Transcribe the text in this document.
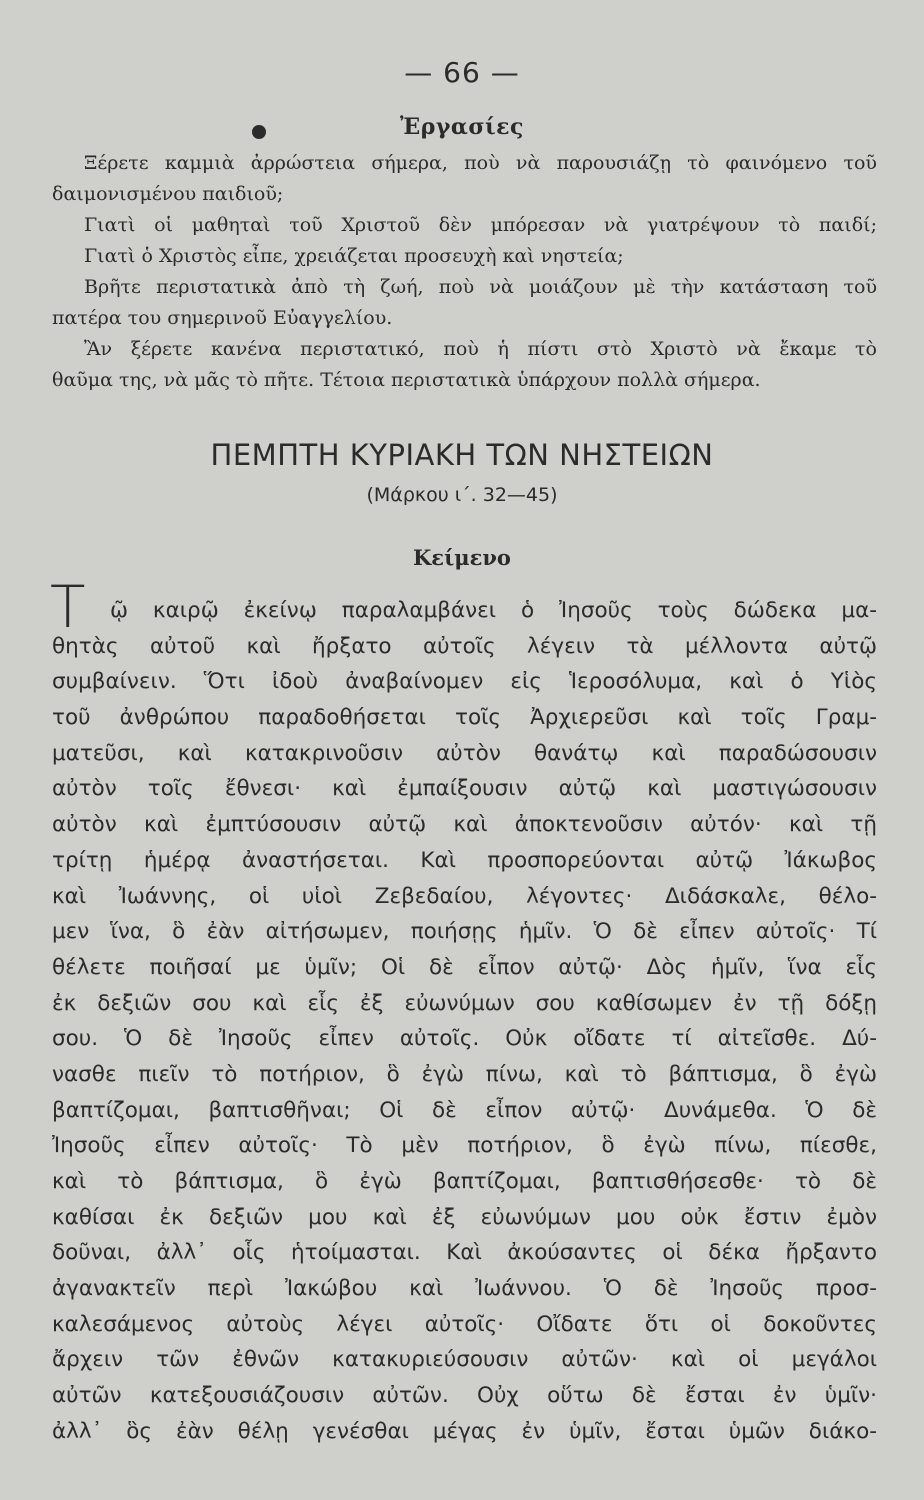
— 66 —
Ἐργασίες
Ξέρετε καμμιὰ ἀρρώστεια σήμερα, ποὺ νὰ παρουσιάζῃ τὸ φαινόμενο τοῦ
δαιμονισμένου παιδιοῦ;
Γιατὶ οἱ μαθηταὶ τοῦ Χριστοῦ δὲν μπόρεσαν νὰ γιατρέψουν τὸ παιδί;
Γιατὶ ὁ Χριστὸς εἶπε, χρειάζεται προσευχὴ καὶ νηστεία;
Βρῆτε περιστατικὰ ἀπὸ τὴ ζωή, ποὺ νὰ μοιάζουν μὲ τὴν κατάσταση τοῦ
πατέρα του σημερινοῦ Εὐαγγελίου.
Ἂν ξέρετε κανένα περιστατικό, ποὺ ἡ πίστι στὸ Χριστὸ νὰ ἔκαμε τὸ
θαῦμα της, νὰ μᾶς τὸ πῆτε. Τέτοια περιστατικὰ ὑπάρχουν πολλὰ σήμερα.
ΠΕΜΠΤΗ ΚΥΡΙΑΚΗ ΤΩΝ ΝΗΣΤΕΙΩΝ
(Μάρκου ι΄. 32—45)
Κείμενο
Τ	ῷ καιρῷ ἐκείνῳ παραλαμβάνει ὁ Ἰησοῦς τοὺς δώδεκα μα-
θητὰς αὐτοῦ καὶ ἤρξατο αὐτοῖς λέγειν τὰ μέλλοντα αὐτῷ
συμβαίνειν. Ὅτι ἰδοὺ ἀναβαίνομεν εἰς Ἱεροσόλυμα, καὶ ὁ Υἱὸς
τοῦ ἀνθρώπου παραδοθήσεται τοῖς Ἀρχιερεῦσι καὶ τοῖς Γραμ-
ματεῦσι, καὶ κατακρινοῦσιν αὐτὸν θανάτῳ καὶ παραδώσουσιν
αὐτὸν τοῖς ἔθνεσι· καὶ ἐμπαίξουσιν αὐτῷ καὶ μαστιγώσουσιν
αὐτὸν καὶ ἐμπτύσουσιν αὐτῷ καὶ ἀποκτενοῦσιν αὐτόν· καὶ τῇ
τρίτῃ ἡμέρᾳ ἀναστήσεται. Καὶ προσπορεύονται αὐτῷ Ἰάκωβος
καὶ Ἰωάννης, οἱ υἱοὶ Ζεβεδαίου, λέγοντες· Διδάσκαλε, θέλο-
μεν ἵνα, ὃ ἐὰν αἰτήσωμεν, ποιήσῃς ἡμῖν. Ὁ δὲ εἶπεν αὐτοῖς· Τί
θέλετε ποιῆσαί με ὑμῖν; Οἱ δὲ εἶπον αὐτῷ· Δὸς ἡμῖν, ἵνα εἷς
ἐκ δεξιῶν σου καὶ εἷς ἐξ εὐωνύμων σου καθίσωμεν ἐν τῇ δόξῃ
σου. Ὁ δὲ Ἰησοῦς εἶπεν αὐτοῖς. Οὐκ οἴδατε τί αἰτεῖσθε. Δύ-
νασθε πιεῖν τὸ ποτήριον, ὃ ἐγὼ πίνω, καὶ τὸ βάπτισμα, ὃ ἐγὼ
βαπτίζομαι, βαπτισθῆναι; Οἱ δὲ εἶπον αὐτῷ· Δυνάμεθα. Ὁ δὲ
Ἰησοῦς εἶπεν αὐτοῖς· Τὸ μὲν ποτήριον, ὃ ἐγὼ πίνω, πίεσθε,
καὶ τὸ βάπτισμα, ὃ ἐγὼ βαπτίζομαι, βαπτισθήσεσθε· τὸ δὲ
καθίσαι ἐκ δεξιῶν μου καὶ ἐξ εὐωνύμων μου οὐκ ἔστιν ἐμὸν
δοῦναι, ἀλλ᾽ οἷς ἡτοίμασται. Καὶ ἀκούσαντες οἱ δέκα ἤρξαντο
ἀγανακτεῖν περὶ Ἰακώβου καὶ Ἰωάννου. Ὁ δὲ Ἰησοῦς προσ-
καλεσάμενος αὐτοὺς λέγει αὐτοῖς· Οἴδατε ὅτι οἱ δοκοῦντες
ἄρχειν τῶν ἐθνῶν κατακυριεύσουσιν αὐτῶν· καὶ οἱ μεγάλοι
αὐτῶν κατεξουσιάζουσιν αὐτῶν. Οὐχ οὕτω δὲ ἔσται ἐν ὑμῖν·
ἀλλ᾽ ὃς ἐὰν θέλῃ γενέσθαι μέγας ἐν ὑμῖν, ἔσται ὑμῶν διάκο-
